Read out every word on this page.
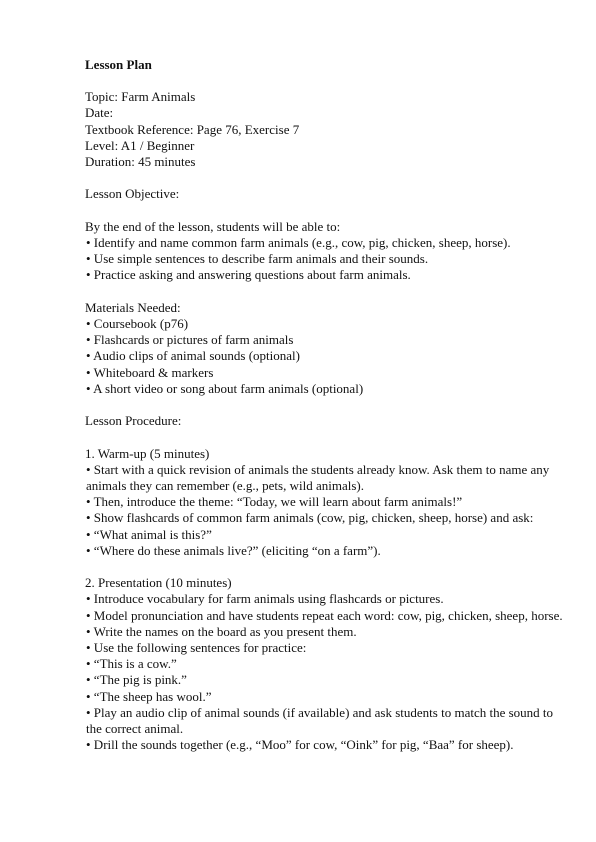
Lesson Plan

Topic: Farm Animals
Date:
Textbook Reference: Page 76, Exercise 7
Level: A1 / Beginner
Duration: 45 minutes

Lesson Objective:

By the end of the lesson, students will be able to:
• Identify and name common farm animals (e.g., cow, pig, chicken, sheep, horse).
• Use simple sentences to describe farm animals and their sounds.
• Practice asking and answering questions about farm animals.

Materials Needed:
• Coursebook (p76)
• Flashcards or pictures of farm animals
• Audio clips of animal sounds (optional)
• Whiteboard & markers
• A short video or song about farm animals (optional)

Lesson Procedure:

1. Warm-up (5 minutes)
• Start with a quick revision of animals the students already know. Ask them to name any animals they can remember (e.g., pets, wild animals).
• Then, introduce the theme: “Today, we will learn about farm animals!”
• Show flashcards of common farm animals (cow, pig, chicken, sheep, horse) and ask:
• “What animal is this?”
• “Where do these animals live?” (eliciting “on a farm”).

2. Presentation (10 minutes)
• Introduce vocabulary for farm animals using flashcards or pictures.
• Model pronunciation and have students repeat each word: cow, pig, chicken, sheep, horse.
• Write the names on the board as you present them.
• Use the following sentences for practice:
• “This is a cow.”
• “The pig is pink.”
• “The sheep has wool.”
• Play an audio clip of animal sounds (if available) and ask students to match the sound to the correct animal.
• Drill the sounds together (e.g., “Moo” for cow, “Oink” for pig, “Baa” for sheep).
